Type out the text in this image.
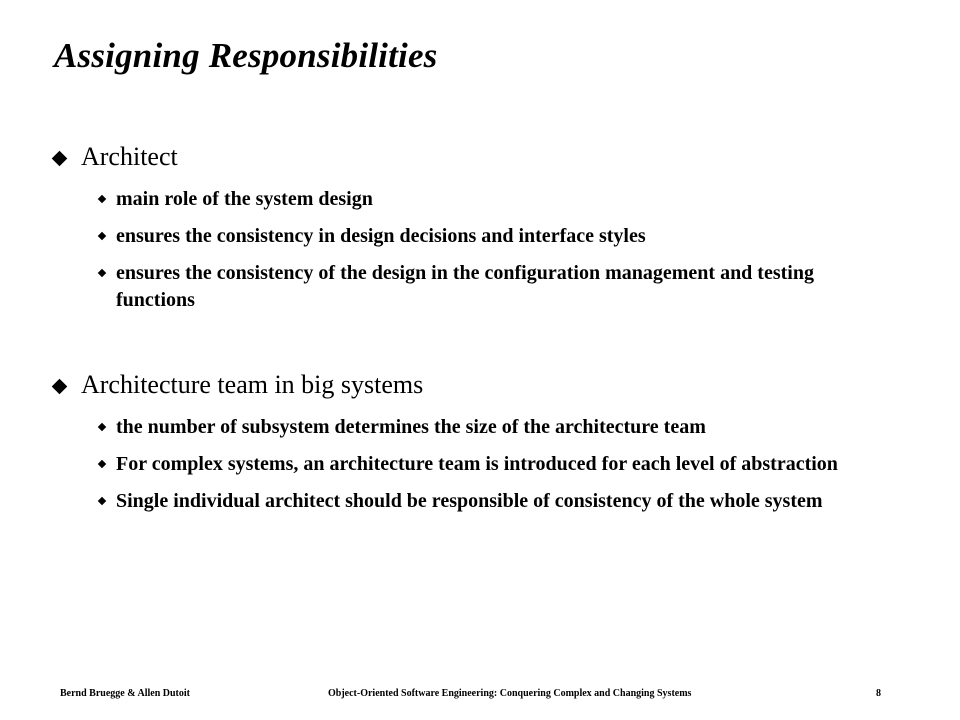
Assigning Responsibilities
Architect
main role of the system design
ensures the consistency in design decisions and interface styles
ensures the consistency of the design in the configuration management and testing functions
Architecture team in big systems
the number of subsystem determines the size of the architecture team
For complex systems, an architecture team is introduced for each level of abstraction
Single individual architect should be responsible of consistency of the whole system
Bernd Bruegge & Allen Dutoit	Object-Oriented Software Engineering: Conquering Complex and Changing Systems	8
